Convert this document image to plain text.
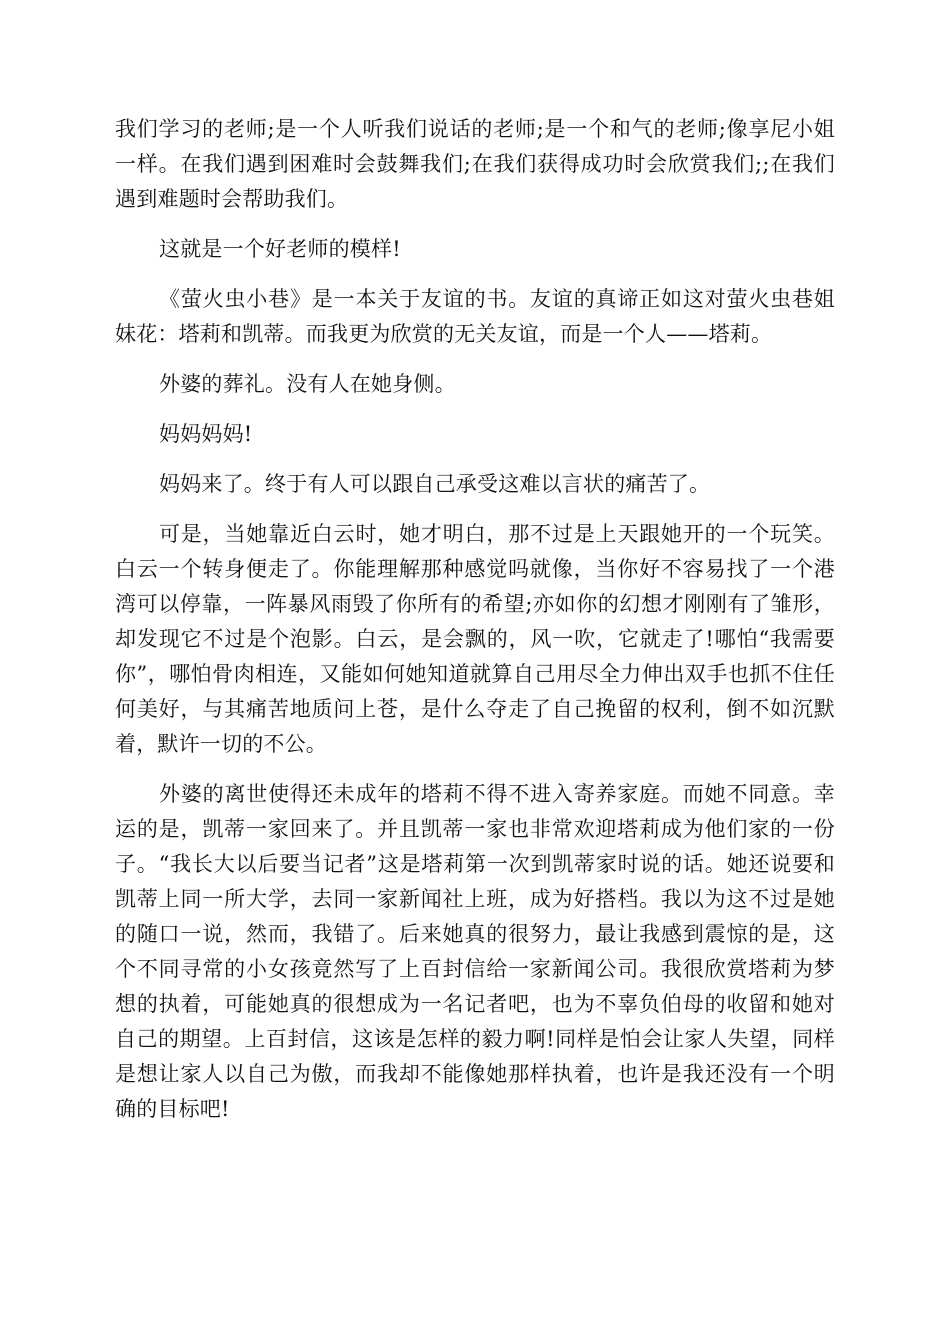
我们学习的老师;是一个人听我们说话的老师;是一个和气的老师;像享尼小姐一样。在我们遇到困难时会鼓舞我们;在我们获得成功时会欣赏我们;;在我们遇到难题时会帮助我们。

这就是一个好老师的模样!

《萤火虫小巷》是一本关于友谊的书。友谊的真谛正如这对萤火虫巷姐妹花：塔莉和凯蒂。而我更为欣赏的无关友谊，而是一个人——塔莉。

外婆的葬礼。没有人在她身侧。

妈妈妈妈!

妈妈来了。终于有人可以跟自己承受这难以言状的痛苦了。

可是，当她靠近白云时，她才明白，那不过是上天跟她开的一个玩笑。白云一个转身便走了。你能理解那种感觉吗就像，当你好不容易找了一个港湾可以停靠，一阵暴风雨毁了你所有的希望;亦如你的幻想才刚刚有了雏形，却发现它不过是个泡影。白云，是会飘的，风一吹，它就走了!哪怕“我需要你”，哪怕骨肉相连，又能如何她知道就算自己用尽全力伸出双手也抓不住任何美好，与其痛苦地质问上苍，是什么夺走了自己挽留的权利，倒不如沉默着，默许一切的不公。

外婆的离世使得还未成年的塔莉不得不进入寄养家庭。而她不同意。幸运的是，凯蒂一家回来了。并且凯蒂一家也非常欢迎塔莉成为他们家的一份子。“我长大以后要当记者”这是塔莉第一次到凯蒂家时说的话。她还说要和凯蒂上同一所大学，去同一家新闻社上班，成为好搭档。我以为这不过是她的随口一说，然而，我错了。后来她真的很努力，最让我感到震惊的是，这个不同寻常的小女孩竟然写了上百封信给一家新闻公司。我很欣赏塔莉为梦想的执着，可能她真的很想成为一名记者吧，也为不辜负伯母的收留和她对自己的期望。上百封信，这该是怎样的毅力啊!同样是怕会让家人失望，同样是想让家人以自己为傲，而我却不能像她那样执着，也许是我还没有一个明确的目标吧!
